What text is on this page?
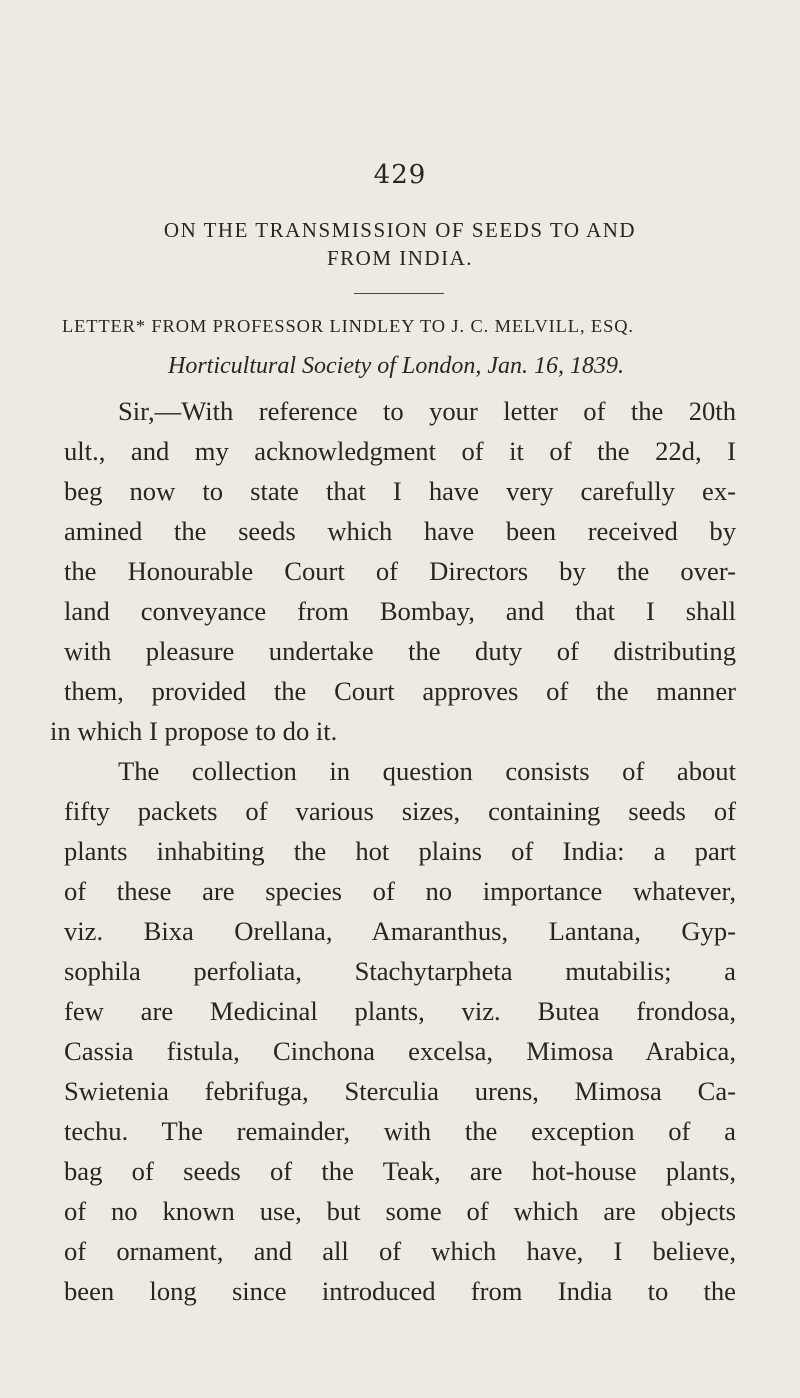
429
ON THE TRANSMISSION OF SEEDS TO AND
FROM INDIA.
LETTER* FROM PROFESSOR LINDLEY TO J. C. MELVILL, ESQ.
Horticultural Society of London, Jan. 16, 1839.
Sir,—With reference to your letter of the 20th
ult., and my acknowledgment of it of the 22d, I
beg now to state that I have very carefully ex-
amined the seeds which have been received by
the Honourable Court of Directors by the over-
land conveyance from Bombay, and that I shall
with pleasure undertake the duty of distributing
them, provided the Court approves of the manner
in which I propose to do it.
The collection in question consists of about
fifty packets of various sizes, containing seeds of
plants inhabiting the hot plains of India: a part
of these are species of no importance whatever,
viz. Bixa Orellana, Amaranthus, Lantana, Gyp-
sophila perfoliata, Stachytarpheta mutabilis; a
few are Medicinal plants, viz. Butea frondosa,
Cassia fistula, Cinchona excelsa, Mimosa Arabica,
Swietenia febrifuga, Sterculia urens, Mimosa Ca-
techu. The remainder, with the exception of a
bag of seeds of the Teak, are hot-house plants,
of no known use, but some of which are objects
of ornament, and all of which have, I believe,
been long since introduced from India to the
